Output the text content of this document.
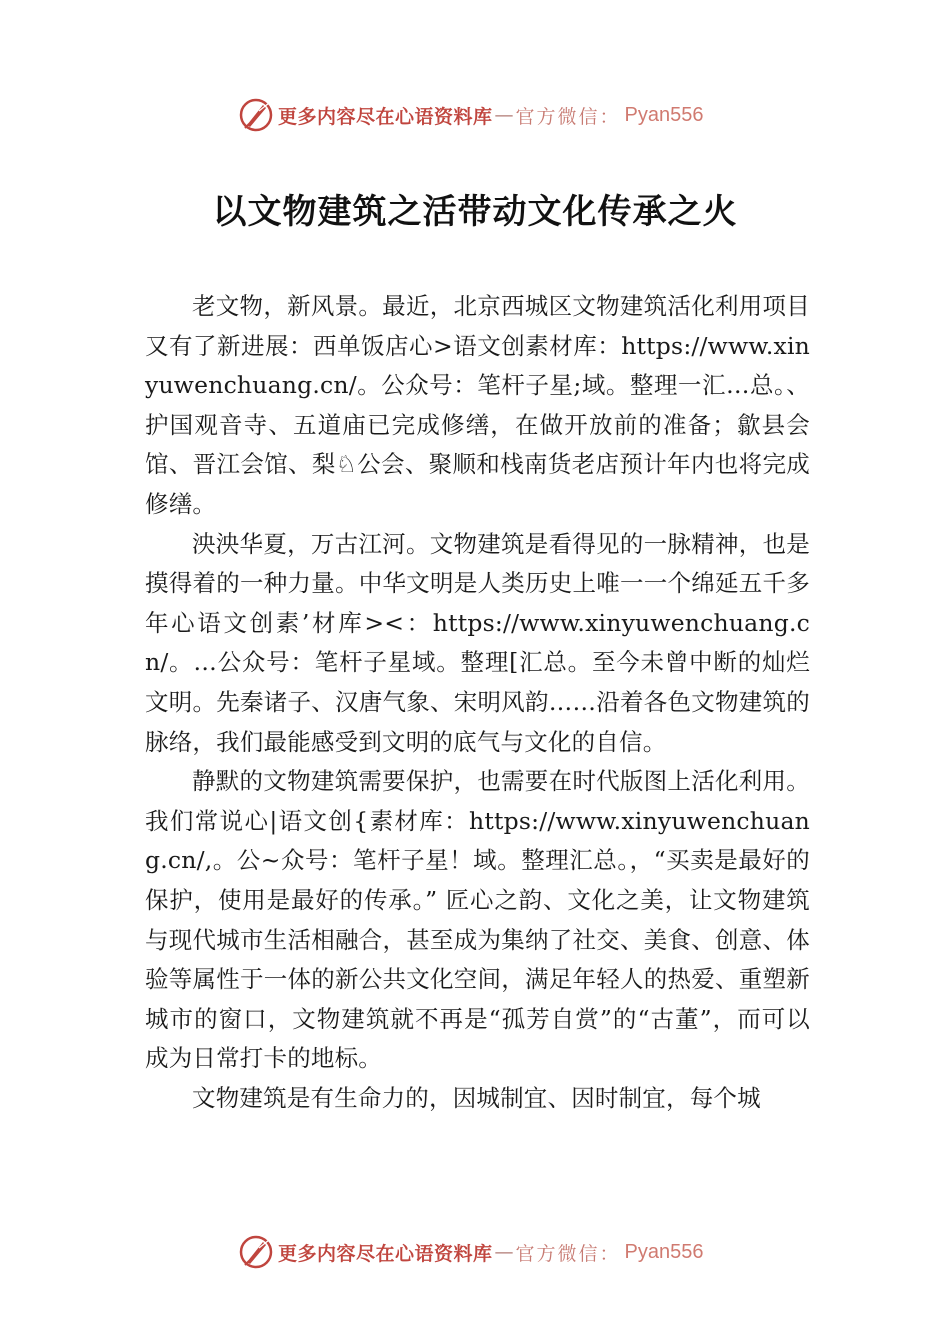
更多内容尽在心语资料库 — 官方微信： Pyan556
以文物建筑之活带动文化传承之火

老文物，新风景。最近，北京西城区文物建筑活化利用项目又有了新进展：西单饭店心>语文创素材库：https://www.xinyuwenchuang.cn/。公众号：笔杆子星;域。整理一汇…总。、护国观音寺、五道庙已完成修缮，在做开放前的准备；歙县会馆、晋江会馆、梨♘公会、聚顺和栈南货老店预计年内也将完成修缮。

泱泱华夏，万古江河。文物建筑是看得见的一脉精神，也是摸得着的一种力量。中华文明是人类历史上唯一一个绵延五千多年心语文创素’材库><：https://www.xinyuwenchuang.cn/。…公众号：笔杆子星域。整理[汇总。至今未曾中断的灿烂文明。先秦诸子、汉唐气象、宋明风韵……沿着各色文物建筑的脉络，我们最能感受到文明的底气与文化的自信。

静默的文物建筑需要保护，也需要在时代版图上活化利用。我们常说心|语文创{素材库：https://www.xinyuwenchuang.cn/,。公~众号：笔杆子星！域。整理汇总。，“买卖是最好的保护，使用是最好的传承。” 匠心之韵、文化之美，让文物建筑与现代城市生活相融合，甚至成为集纳了社交、美食、创意、体验等属性于一体的新公共文化空间，满足年轻人的热爱、重塑新城市的窗口，文物建筑就不再是“孤芳自赏”的“古董”，而可以成为日常打卡的地标。

文物建筑是有生命力的，因城制宜、因时制宜，每个城

更多内容尽在心语资料库 — 官方微信： Pyan556
